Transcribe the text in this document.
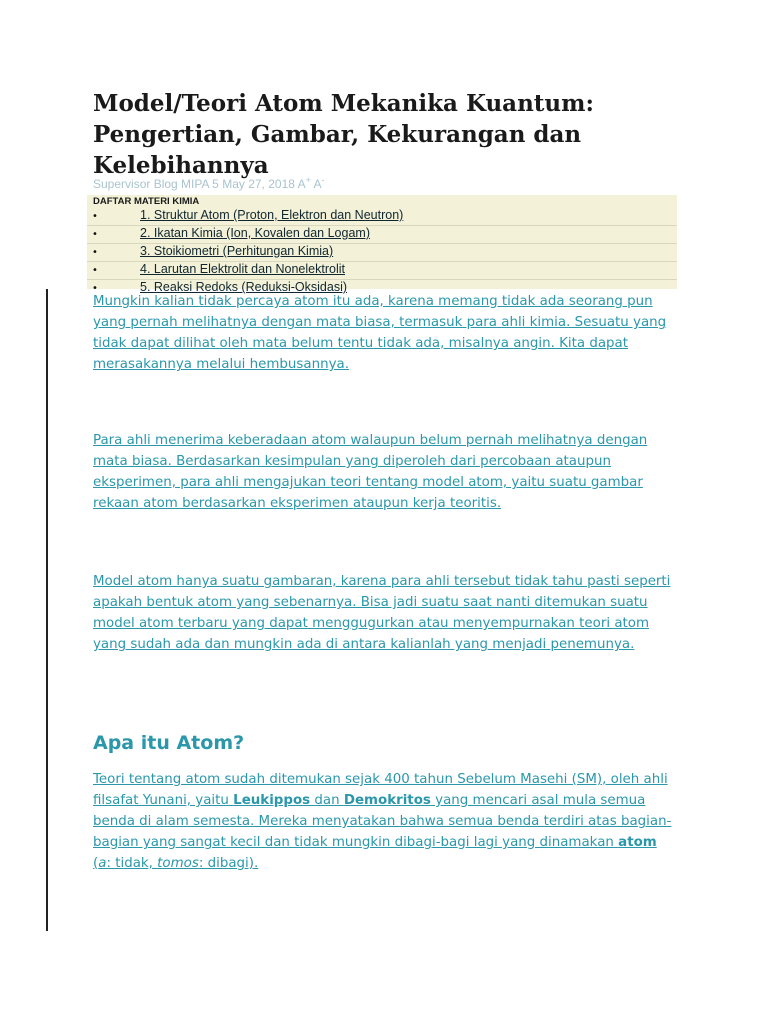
Model/Teori Atom Mekanika Kuantum: Pengertian, Gambar, Kekurangan dan Kelebihannya
Supervisor Blog MIPA 5 May 27, 2018 A+ A-
DAFTAR MATERI KIMIA
•	1. Struktur Atom (Proton, Elektron dan Neutron)
•	2. Ikatan Kimia (Ion, Kovalen dan Logam)
•	3. Stoikiometri (Perhitungan Kimia)
•	4. Larutan Elektrolit dan Nonelektrolit
•	5. Reaksi Redoks (Reduksi-Oksidasi)

Mungkin kalian tidak percaya atom itu ada, karena memang tidak ada seorang pun yang pernah melihatnya dengan mata biasa, termasuk para ahli kimia. Sesuatu yang tidak dapat dilihat oleh mata belum tentu tidak ada, misalnya angin. Kita dapat merasakannya melalui hembusannya.

Para ahli menerima keberadaan atom walaupun belum pernah melihatnya dengan mata biasa. Berdasarkan kesimpulan yang diperoleh dari percobaan ataupun eksperimen, para ahli mengajukan teori tentang model atom, yaitu suatu gambar rekaan atom berdasarkan eksperimen ataupun kerja teoritis.

Model atom hanya suatu gambaran, karena para ahli tersebut tidak tahu pasti seperti apakah bentuk atom yang sebenarnya. Bisa jadi suatu saat nanti ditemukan suatu model atom terbaru yang dapat menggugurkan atau menyempurnakan teori atom yang sudah ada dan mungkin ada di antara kalianlah yang menjadi penemunya.

Apa itu Atom?

Teori tentang atom sudah ditemukan sejak 400 tahun Sebelum Masehi (SM), oleh ahli filsafat Yunani, yaitu Leukippos dan Demokritos yang mencari asal mula semua benda di alam semesta. Mereka menyatakan bahwa semua benda terdiri atas bagian-bagian yang sangat kecil dan tidak mungkin dibagi-bagi lagi yang dinamakan atom (a: tidak, tomos: dibagi).
